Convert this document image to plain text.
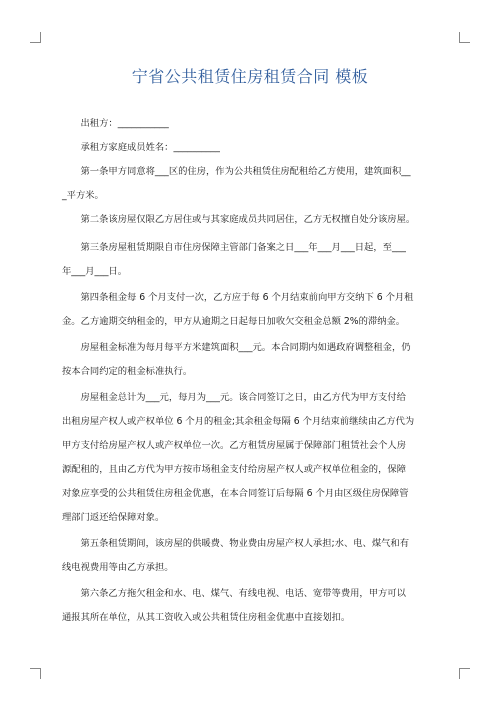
宁省公共租赁住房租赁合同 模板
出租方：___________
承租方家庭成员姓名：__________
第一条甲方同意将___区的住房，作为公共租赁住房配租给乙方使用，建筑面积__
_平方米。
第二条该房屋仅限乙方居住或与其家庭成员共同居住，乙方无权擅自处分该房屋。
第三条房屋租赁期限自市住房保障主管部门备案之日___年___月___日起，至___
年___月___日。
第四条租金每 6 个月支付一次，乙方应于每 6 个月结束前向甲方交纳下 6 个月租
金。乙方逾期交纳租金的，甲方从逾期之日起每日加收欠交租金总额 2%的滞纳金。
房屋租金标准为每月每平方米建筑面积___元。本合同期内如遇政府调整租金，仍
按本合同约定的租金标准执行。
房屋租金总计为___元，每月为___元。该合同签订之日，由乙方代为甲方支付给
出租房屋产权人或产权单位 6 个月的租金;其余租金每隔 6 个月结束前继续由乙方代为
甲方支付给房屋产权人或产权单位一次。乙方租赁房屋属于保障部门租赁社会个人房
源配租的，且由乙方代为甲方按市场租金支付给房屋产权人或产权单位租金的，保障
对象应享受的公共租赁住房租金优惠，在本合同签订后每隔 6 个月由区级住房保障管
理部门返还给保障对象。
第五条租赁期间，该房屋的供暖费、物业费由房屋产权人承担;水、电、煤气和有
线电视费用等由乙方承担。
第六条乙方拖欠租金和水、电、煤气、有线电视、电话、宽带等费用，甲方可以
通报其所在单位，从其工资收入或公共租赁住房租金优惠中直接划扣。
